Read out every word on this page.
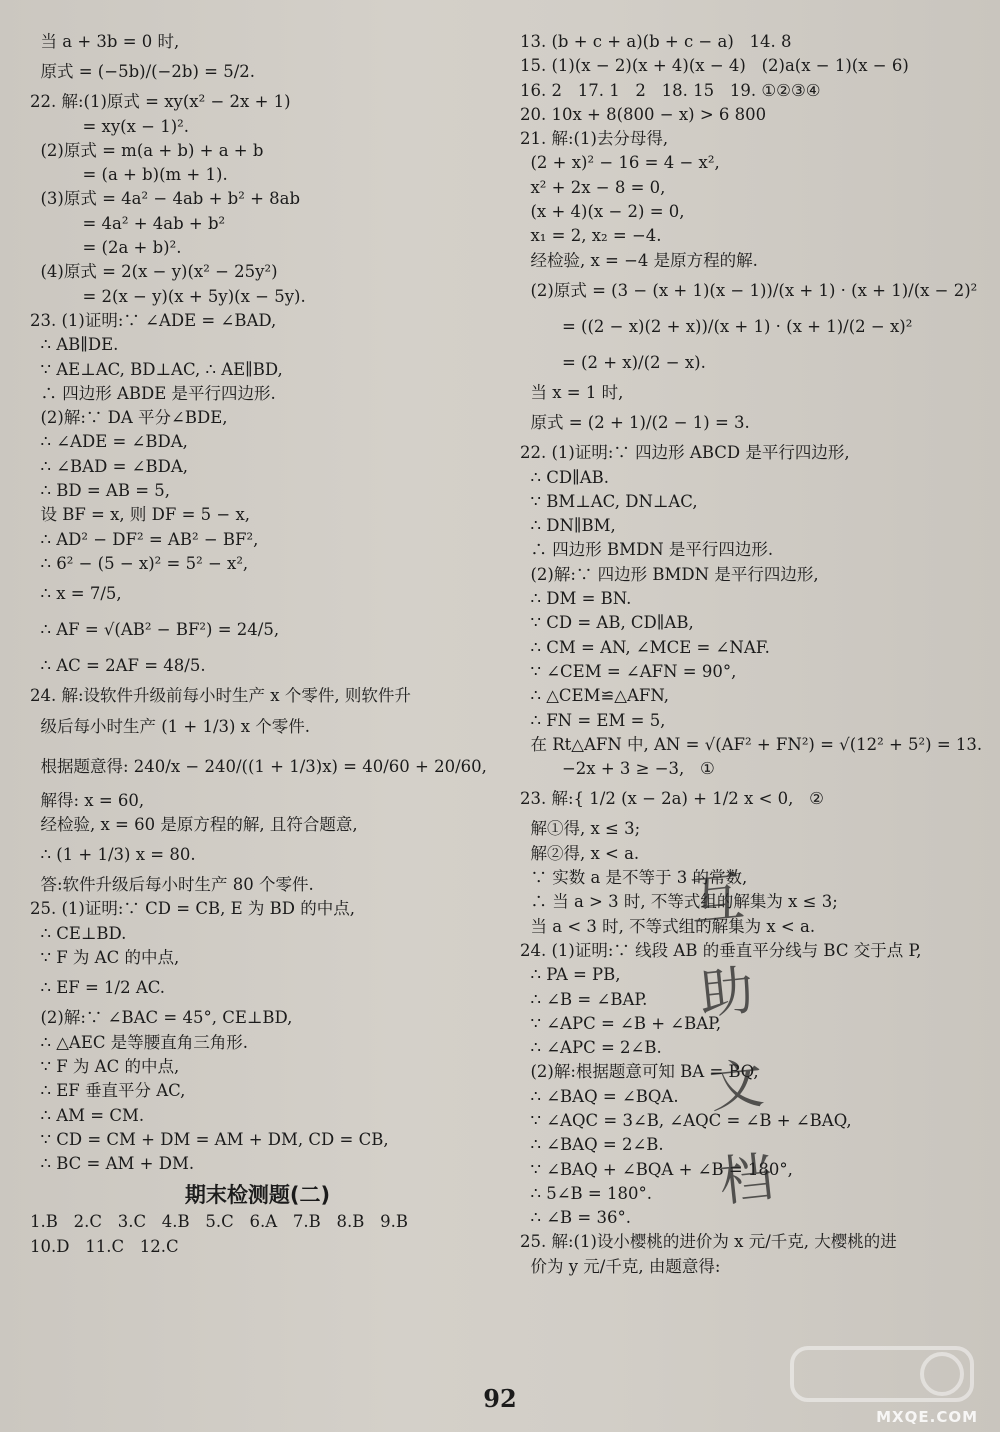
当 a + 3b = 0 时,
原式 = (−5b)/(−2b) = 5/2.
22. 解:(1)原式 = xy(x² − 2x + 1)
= xy(x − 1)².
(2)原式 = m(a + b) + a + b
= (a + b)(m + 1).
(3)原式 = 4a² − 4ab + b² + 8ab
= 4a² + 4ab + b²
= (2a + b)².
(4)原式 = 2(x − y)(x² − 25y²)
= 2(x − y)(x + 5y)(x − 5y).
23. (1)证明:∵ ∠ADE = ∠BAD,
∴ AB∥DE.
∵ AE⊥AC, BD⊥AC, ∴ AE∥BD,
∴ 四边形 ABDE 是平行四边形.
(2)解:∵ DA 平分∠BDE,
∴ ∠ADE = ∠BDA,
∴ ∠BAD = ∠BDA,
∴ BD = AB = 5,
设 BF = x, 则 DF = 5 − x,
∴ AD² − DF² = AB² − BF²,
∴ 6² − (5 − x)² = 5² − x²,
∴ x = 7/5,
∴ AF = √(AB² − BF²) = 24/5,
∴ AC = 2AF = 48/5.
24. 解:设软件升级前每小时生产 x 个零件, 则软件升
级后每小时生产 (1 + 1/3) x 个零件.
根据题意得: 240/x − 240/((1 + 1/3)x) = 40/60 + 20/60,
解得: x = 60,
经检验, x = 60 是原方程的解, 且符合题意,
∴ (1 + 1/3) x = 80.
答:软件升级后每小时生产 80 个零件.
25. (1)证明:∵ CD = CB, E 为 BD 的中点,
∴ CE⊥BD.
∵ F 为 AC 的中点,
∴ EF = 1/2 AC.
(2)解:∵ ∠BAC = 45°, CE⊥BD,
∴ △AEC 是等腰直角三角形.
∵ F 为 AC 的中点,
∴ EF 垂直平分 AC,
∴ AM = CM.
∵ CD = CM + DM = AM + DM, CD = CB,
∴ BC = AM + DM.
期末检测题(二)
1.B   2.C   3.C   4.B   5.C   6.A   7.B   8.B   9.B
10.D   11.C   12.C
13. (b + c + a)(b + c − a)   14. 8
15. (1)(x − 2)(x + 4)(x − 4)   (2)a(x − 1)(x − 6)
16. 2   17. 1   2   18. 15   19. ①②③④
20. 10x + 8(800 − x) > 6 800
21. 解:(1)去分母得,
(2 + x)² − 16 = 4 − x²,
x² + 2x − 8 = 0,
(x + 4)(x − 2) = 0,
x₁ = 2, x₂ = −4.
经检验, x = −4 是原方程的解.
(2)原式 = (3 − (x + 1)(x − 1))/(x + 1) · (x + 1)/(x − 2)²
= ((2 − x)(2 + x))/(x + 1) · (x + 1)/(2 − x)²
= (2 + x)/(2 − x).
当 x = 1 时,
原式 = (2 + 1)/(2 − 1) = 3.
22. (1)证明:∵ 四边形 ABCD 是平行四边形,
∴ CD∥AB.
∵ BM⊥AC, DN⊥AC,
∴ DN∥BM,
∴ 四边形 BMDN 是平行四边形.
(2)解:∵ 四边形 BMDN 是平行四边形,
∴ DM = BN.
∵ CD = AB, CD∥AB,
∴ CM = AN, ∠MCE = ∠NAF.
∵ ∠CEM = ∠AFN = 90°,
∴ △CEM≌△AFN,
∴ FN = EM = 5,
在 Rt△AFN 中, AN = √(AF² + FN²) = √(12² + 5²) = 13.
−2x + 3 ≥ −3,   ①
23. 解:{ 1/2 (x − 2a) + 1/2 x < 0,   ②
解①得, x ≤ 3;
解②得, x < a.
∵ 实数 a 是不等于 3 的常数,
∴ 当 a > 3 时, 不等式组的解集为 x ≤ 3;
当 a < 3 时, 不等式组的解集为 x < a.
24. (1)证明:∵ 线段 AB 的垂直平分线与 BC 交于点 P,
∴ PA = PB,
∴ ∠B = ∠BAP.
∵ ∠APC = ∠B + ∠BAP,
∴ ∠APC = 2∠B.
(2)解:根据题意可知 BA = BQ,
∴ ∠BAQ = ∠BQA.
∵ ∠AQC = 3∠B, ∠AQC = ∠B + ∠BAQ,
∴ ∠BAQ = 2∠B.
∵ ∠BAQ + ∠BQA + ∠B = 180°,
∴ 5∠B = 180°.
∴ ∠B = 36°.
25. 解:(1)设小樱桃的进价为 x 元/千克, 大樱桃的进
价为 y 元/千克, 由题意得:
互
助
文
档
92
MXQE.COM
